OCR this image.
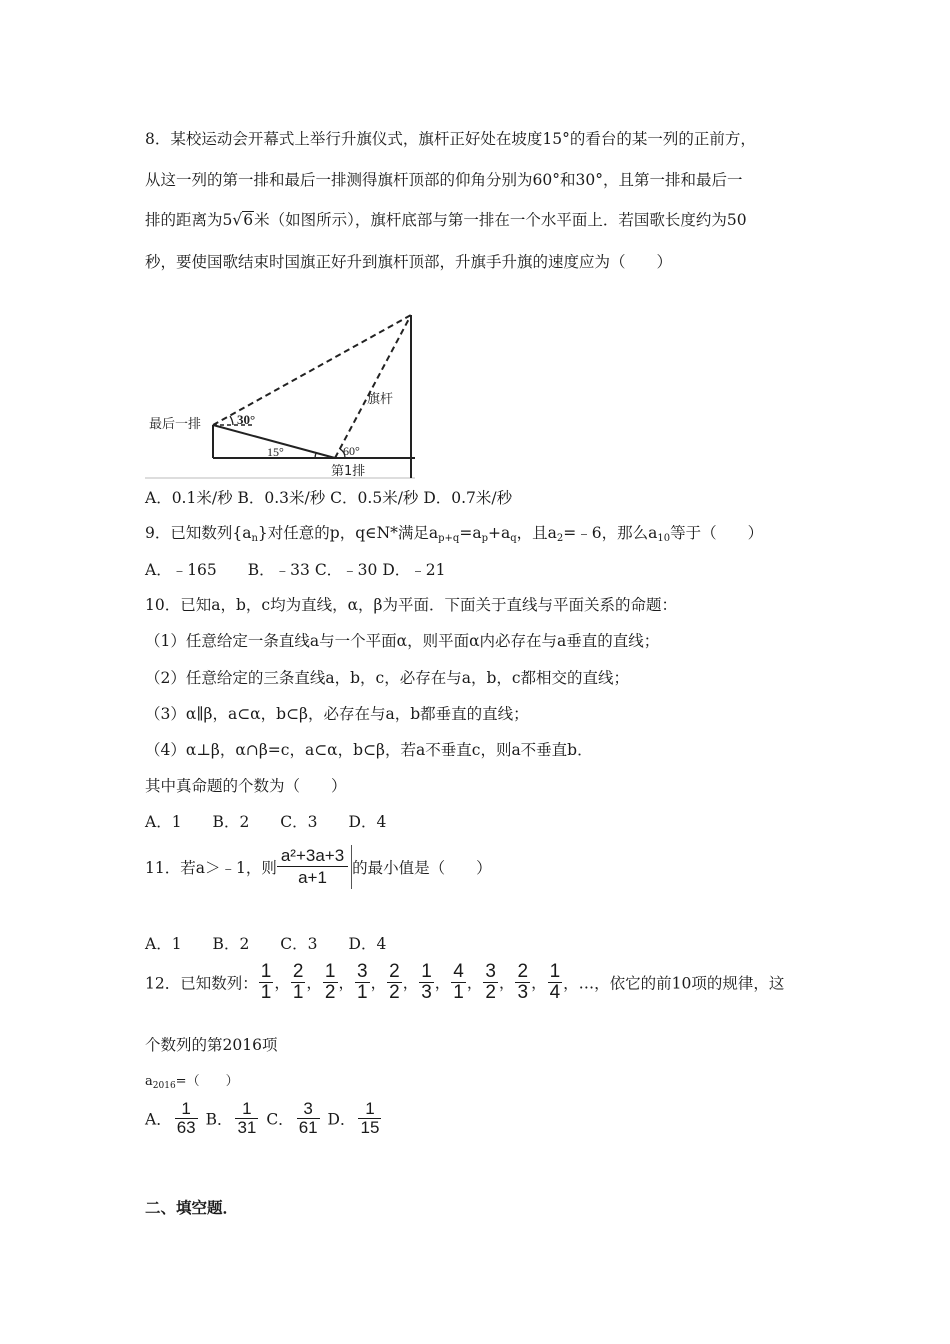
8．某校运动会开幕式上举行升旗仪式，旗杆正好处在坡度15°的看台的某一列的正前方，
从这一列的第一排和最后一排测得旗杆顶部的仰角分别为60°和30°，且第一排和最后一
排的距离为5√6米（如图所示），旗杆底部与第一排在一个水平面上．若国歌长度约为50
秒，要使国歌结束时国旗正好升到旗杆顶部，升旗手升旗的速度应为（　　）
最后一排	30°
15°	60°
第1排
旗杆
A．0.1米/秒 B．0.3米/秒 C．0.5米/秒 D．0.7米/秒
9．已知数列{an}对任意的p，q∈N*满足ap+q=ap+aq，且a2=﹣6，那么a10等于（　　）
A．﹣165　　B．﹣33 C．﹣30 D．﹣21
10．已知a，b，c均为直线，α，β为平面．下面关于直线与平面关系的命题：
（1）任意给定一条直线a与一个平面α，则平面α内必存在与a垂直的直线；
（2）任意给定的三条直线a，b，c，必存在与a，b，c都相交的直线；
（3）α∥β，a⊂α，b⊂β，必存在与a，b都垂直的直线；
（4）α⊥β，α∩β=c，a⊂α，b⊂β，若a不垂直c，则a不垂直b．
其中真命题的个数为（　　）
A．1　　B．2　　C．3　　D．4
11．若a＞﹣1，则 $\frac{\text{a²+3a+3}}{a+1}$ 的最小值是（　　）
A．1　　B．2　　C．3　　D．4
12．已知数列： $\frac{1}{1}$ ， $\frac{2}{1}$ ， $\frac{1}{2}$ ， $\frac{3}{1}$ ， $\frac{2}{2}$ ， $\frac{1}{3}$ ， $\frac{4}{1}$ ， $\frac{3}{2}$ ， $\frac{2}{3}$ ， $\frac{1}{4}$ ，…，依它的前10项的规律，这
个数列的第2016项
$a_{2016}=$（　　）
A． $\frac{1}{63}$ B． $\frac{1}{31}$ C． $\frac{3}{61}$ D． $\frac{1}{15}$
二、填空题．
